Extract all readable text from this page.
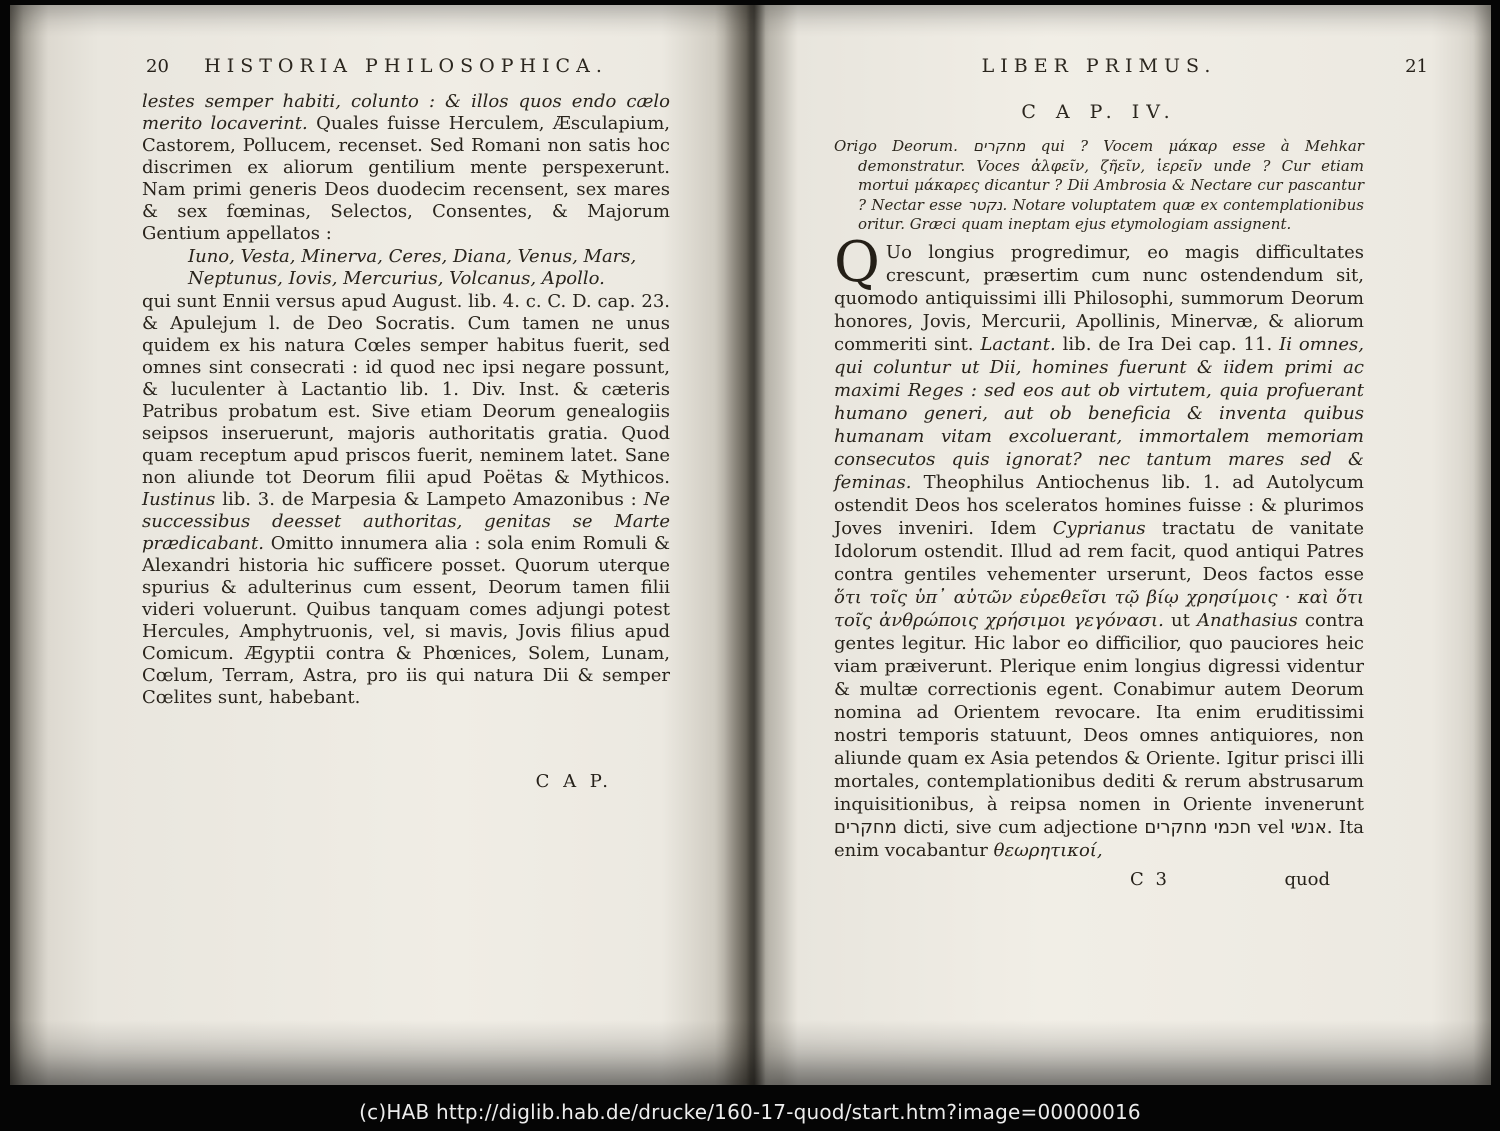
20	HISTORIA PHILOSOPHICA.

lestes semper habiti, colunto : & illos quos endo cælo merito locaverint. Quales fuisse Herculem, Æsculapium, Castorem, Pollucem, recenset. Sed Romani non satis hoc discrimen ex aliorum gentilium mente perspexerunt. Nam primi generis Deos duodecim recensent, sex mares & sex fœminas, Selectos, Consentes, & Majorum Gentium appellatos :

Iuno, Vesta, Minerva, Ceres, Diana, Venus, Mars,
Neptunus, Iovis, Mercurius, Volcanus, Apollo.

qui sunt Ennii versus apud August. lib. 4. c. C. D. cap. 23. & Apulejum l. de Deo Socratis. Cum tamen ne unus quidem ex his natura Cœles semper habitus fuerit, sed omnes sint consecrati : id quod nec ipsi negare possunt, & luculenter à Lactantio lib. 1. Div. Inst. & cæteris Patribus probatum est. Sive etiam Deorum genealogiis seipsos inseruerunt, majoris authoritatis gratia. Quod quam receptum apud priscos fuerit, neminem latet. Sane non aliunde tot Deorum filii apud Poëtas & Mythicos. Iustinus lib. 3. de Marpesia & Lampeto Amazonibus : Ne successibus deesset authoritas, genitas se Marte prædicabant. Omitto innumera alia : sola enim Romuli & Alexandri historia hic sufficere posset. Quorum uterque spurius & adulterinus cum essent, Deorum tamen filii videri voluerunt. Quibus tanquam comes adjungi potest Hercules, Amphytruonis, vel, si mavis, Jovis filius apud Comicum. Ægyptii contra & Phœnices, Solem, Lunam, Cœlum, Terram, Astra, pro iis qui natura Dii & semper Cœlites sunt, habebant.

C A P.
LIBER PRIMUS.	21
C A P. IV.

Origo Deorum. מחקרים qui ? Vocem μάκαρ esse à Mehkar demonstratur. Voces ἀλφεῖν, ζῆεῖν, ἱερεῖν unde ? Cur etiam mortui μάκαρες dicantur ? Dii Ambrosia & Nectare cur pascantur ? Nectar esse נקטר. Notare voluptatem quæ ex contemplationibus oritur. Græci quam ineptam ejus etymologiam assignent.

Q Uo longius progredimur, eo magis difficultates crescunt, præsertim cum nunc ostendendum sit, quomodo antiquissimi illi Philosophi, summorum Deorum honores, Jovis, Mercurii, Apollinis, Minervæ, & aliorum commeriti sint. Lactant. lib. de Ira Dei cap. 11. Ii omnes, qui coluntur ut Dii, homines fuerunt & iidem primi ac maximi Reges : sed eos aut ob virtutem, quia profuerant humano generi, aut ob beneficia & inventa quibus humanam vitam excoluerant, immortalem memoriam consecutos quis ignorat? nec tantum mares sed & feminas. Theophilus Antiochenus lib. 1. ad Autolycum ostendit Deos hos sceleratos homines fuisse : & plurimos Joves inveniri. Idem Cyprianus tractatu de vanitate Idolorum ostendit. Illud ad rem facit, quod antiqui Patres contra gentiles vehementer urserunt, Deos factos esse ὅτι τοῖς ὑπ᾽ αὐτῶν εὑρεθεῖσι τῷ βίῳ χρησίμοις · καὶ ὅτι τοῖς ἀνθρώποις χρήσιμοι γεγόνασι. ut Anathasius contra gentes legitur. Hic labor eo difficilior, quo pauciores heic viam præiverunt. Plerique enim longius digressi videntur & multæ correctionis egent. Conabimur autem Deorum nomina ad Orientem revocare. Ita enim eruditissimi nostri temporis statuunt, Deos omnes antiquiores, non aliunde quam ex Asia petendos & Oriente. Igitur prisci illi mortales, contemplationibus dediti & rerum abstrusarum inquisitionibus, à reipsa nomen in Oriente invenerunt מחקרים dicti, sive cum adjectione חכמי מחקרים vel אנשי. Ita enim vocabantur θεωρητικοί,

C 3	quod
(c)HAB http://diglib.hab.de/drucke/160-17-quod/start.htm?image=00000016
